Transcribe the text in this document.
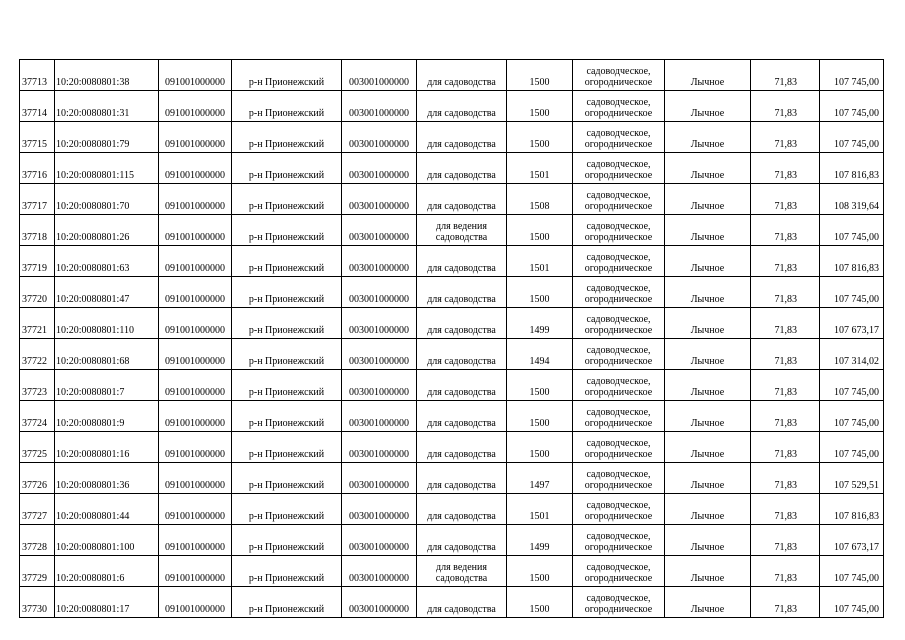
37713	10:20:0080801:38	091001000000	р-н Прионежский	003001000000	для садоводства	1500	садоводческое,
огородническое	Лычное	71,83	107 745,00
37714	10:20:0080801:31	091001000000	р-н Прионежский	003001000000	для садоводства	1500	садоводческое,
огородническое	Лычное	71,83	107 745,00
37715	10:20:0080801:79	091001000000	р-н Прионежский	003001000000	для садоводства	1500	садоводческое,
огородническое	Лычное	71,83	107 745,00
37716	10:20:0080801:115	091001000000	р-н Прионежский	003001000000	для садоводства	1501	садоводческое,
огородническое	Лычное	71,83	107 816,83
37717	10:20:0080801:70	091001000000	р-н Прионежский	003001000000	для садоводства	1508	садоводческое,
огородническое	Лычное	71,83	108 319,64
37718	10:20:0080801:26	091001000000	р-н Прионежский	003001000000	для ведения садоводства	1500	садоводческое,
огородническое	Лычное	71,83	107 745,00
37719	10:20:0080801:63	091001000000	р-н Прионежский	003001000000	для садоводства	1501	садоводческое,
огородническое	Лычное	71,83	107 816,83
37720	10:20:0080801:47	091001000000	р-н Прионежский	003001000000	для садоводства	1500	садоводческое,
огородническое	Лычное	71,83	107 745,00
37721	10:20:0080801:110	091001000000	р-н Прионежский	003001000000	для садоводства	1499	садоводческое,
огородническое	Лычное	71,83	107 673,17
37722	10:20:0080801:68	091001000000	р-н Прионежский	003001000000	для садоводства	1494	садоводческое,
огородническое	Лычное	71,83	107 314,02
37723	10:20:0080801:7	091001000000	р-н Прионежский	003001000000	для садоводства	1500	садоводческое,
огородническое	Лычное	71,83	107 745,00
37724	10:20:0080801:9	091001000000	р-н Прионежский	003001000000	для садоводства	1500	садоводческое,
огородническое	Лычное	71,83	107 745,00
37725	10:20:0080801:16	091001000000	р-н Прионежский	003001000000	для садоводства	1500	садоводческое,
огородническое	Лычное	71,83	107 745,00
37726	10:20:0080801:36	091001000000	р-н Прионежский	003001000000	для садоводства	1497	садоводческое,
огородническое	Лычное	71,83	107 529,51
37727	10:20:0080801:44	091001000000	р-н Прионежский	003001000000	для садоводства	1501	садоводческое,
огородническое	Лычное	71,83	107 816,83
37728	10:20:0080801:100	091001000000	р-н Прионежский	003001000000	для садоводства	1499	садоводческое,
огородническое	Лычное	71,83	107 673,17
37729	10:20:0080801:6	091001000000	р-н Прионежский	003001000000	для ведения садоводства	1500	садоводческое,
огородническое	Лычное	71,83	107 745,00
37730	10:20:0080801:17	091001000000	р-н Прионежский	003001000000	для садоводства	1500	садоводческое,
огородническое	Лычное	71,83	107 745,00
